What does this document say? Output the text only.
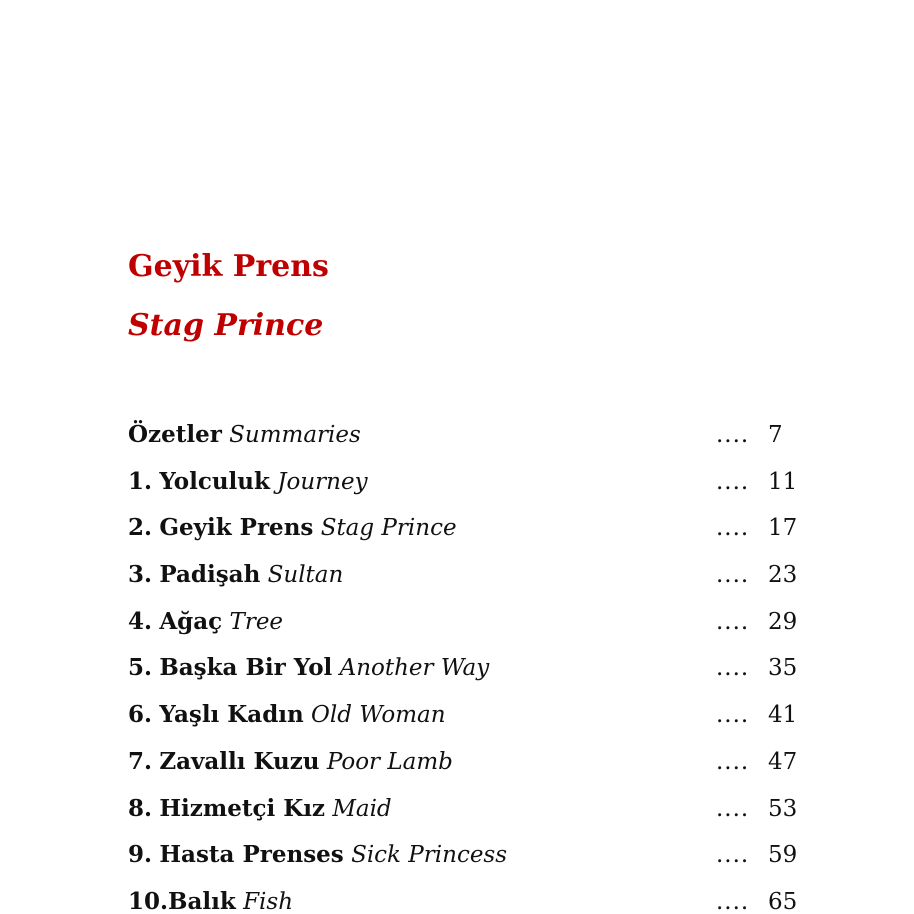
Geyik Prens
Stag Prince
Özetler Summaries	.... 7
1. Yolculuk Journey	.... 11
2. Geyik Prens Stag Prince	.... 17
3. Padişah Sultan	.... 23
4. Ağaç Tree	.... 29
5. Başka Bir Yol Another Way	.... 35
6. Yaşlı Kadın Old Woman	.... 41
7. Zavallı Kuzu Poor Lamb	.... 47
8. Hizmetçi Kız Maid	.... 53
9. Hasta Prenses Sick Princess	.... 59
10.Balık Fish	.... 65
